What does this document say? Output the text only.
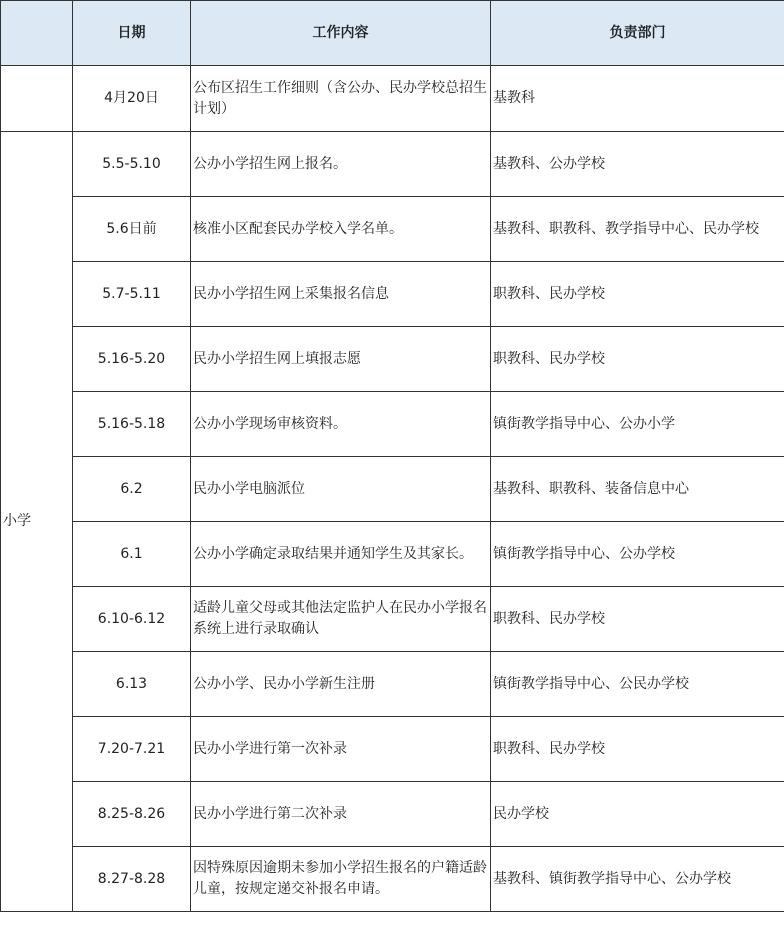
	日期	工作内容	负责部门
	4月20日	公布区招生工作细则（含公办、民办学校总招生计划）	基教科
小学	5.5-5.10	公办小学招生网上报名。	基教科、公办学校
	5.6日前	核准小区配套民办学校入学名单。	基教科、职教科、教学指导中心、民办学校
	5.7-5.11	民办小学招生网上采集报名信息	职教科、民办学校
	5.16-5.20	民办小学招生网上填报志愿	职教科、民办学校
	5.16-5.18	公办小学现场审核资料。	镇街教学指导中心、公办小学
	6.2	民办小学电脑派位	基教科、职教科、装备信息中心
	6.1	公办小学确定录取结果并通知学生及其家长。	镇街教学指导中心、公办学校
	6.10-6.12	适龄儿童父母或其他法定监护人在民办小学报名系统上进行录取确认	职教科、民办学校
	6.13	公办小学、民办小学新生注册	镇街教学指导中心、公民办学校
	7.20-7.21	民办小学进行第一次补录	职教科、民办学校
	8.25-8.26	民办小学进行第二次补录	民办学校
	8.27-8.28	因特殊原因逾期未参加小学招生报名的户籍适龄儿童，按规定递交补报名申请。	基教科、镇街教学指导中心、公办学校
